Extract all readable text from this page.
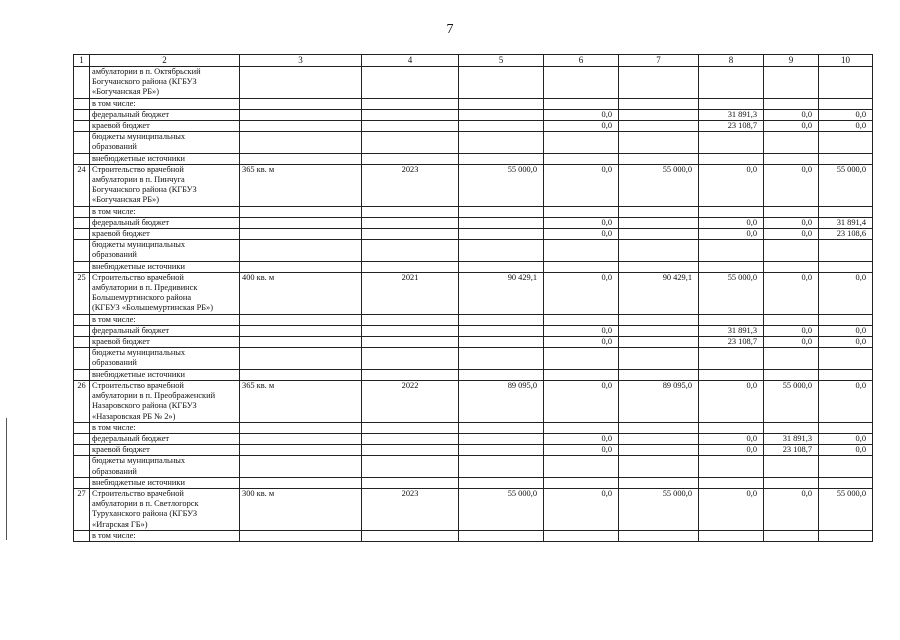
7
1	2	3	4	5	6	7	8	9	10
	амбулатории в п. Октябрьский
Богучанского района (КГБУЗ
«Богучанская РБ»)								
	в том числе:								
	федеральный бюджет				0,0		31 891,3	0,0	0,0
	краевой бюджет				0,0		23 108,7	0,0	0,0
	бюджеты муниципальных
образований								
	внебюджетные источники								
24	Строительство врачебной
амбулатории в п. Пинчуга
Богучанского района (КГБУЗ
«Богучанская РБ»)	365 кв. м	2023	55 000,0	0,0	55 000,0	0,0	0,0	55 000,0
	в том числе:								
	федеральный бюджет				0,0		0,0	0,0	31 891,4
	краевой бюджет				0,0		0,0	0,0	23 108,6
	бюджеты муниципальных
образований								
	внебюджетные источники								
25	Строительство врачебной
амбулатории в п. Предивинск
Большемуртинского района
(КГБУЗ «Большемуртинская РБ»)	400 кв. м	2021	90 429,1	0,0	90 429,1	55 000,0	0,0	0,0
	в том числе:								
	федеральный бюджет				0,0		31 891,3	0,0	0,0
	краевой бюджет				0,0		23 108,7	0,0	0,0
	бюджеты муниципальных
образований								
	внебюджетные источники								
26	Строительство врачебной
амбулатории в п. Преображенский
Назаровского района (КГБУЗ
«Назаровская РБ № 2»)	365 кв. м	2022	89 095,0	0,0	89 095,0	0,0	55 000,0	0,0
	в том числе:								
	федеральный бюджет				0,0		0,0	31 891,3	0,0
	краевой бюджет				0,0		0,0	23 108,7	0,0
	бюджеты муниципальных
образований								
	внебюджетные источники								
27	Строительство врачебной
амбулатории в п. Светлогорск
Туруханского района (КГБУЗ
«Игарская ГБ»)	300 кв. м	2023	55 000,0	0,0	55 000,0	0,0	0,0	55 000,0
	в том числе:								
